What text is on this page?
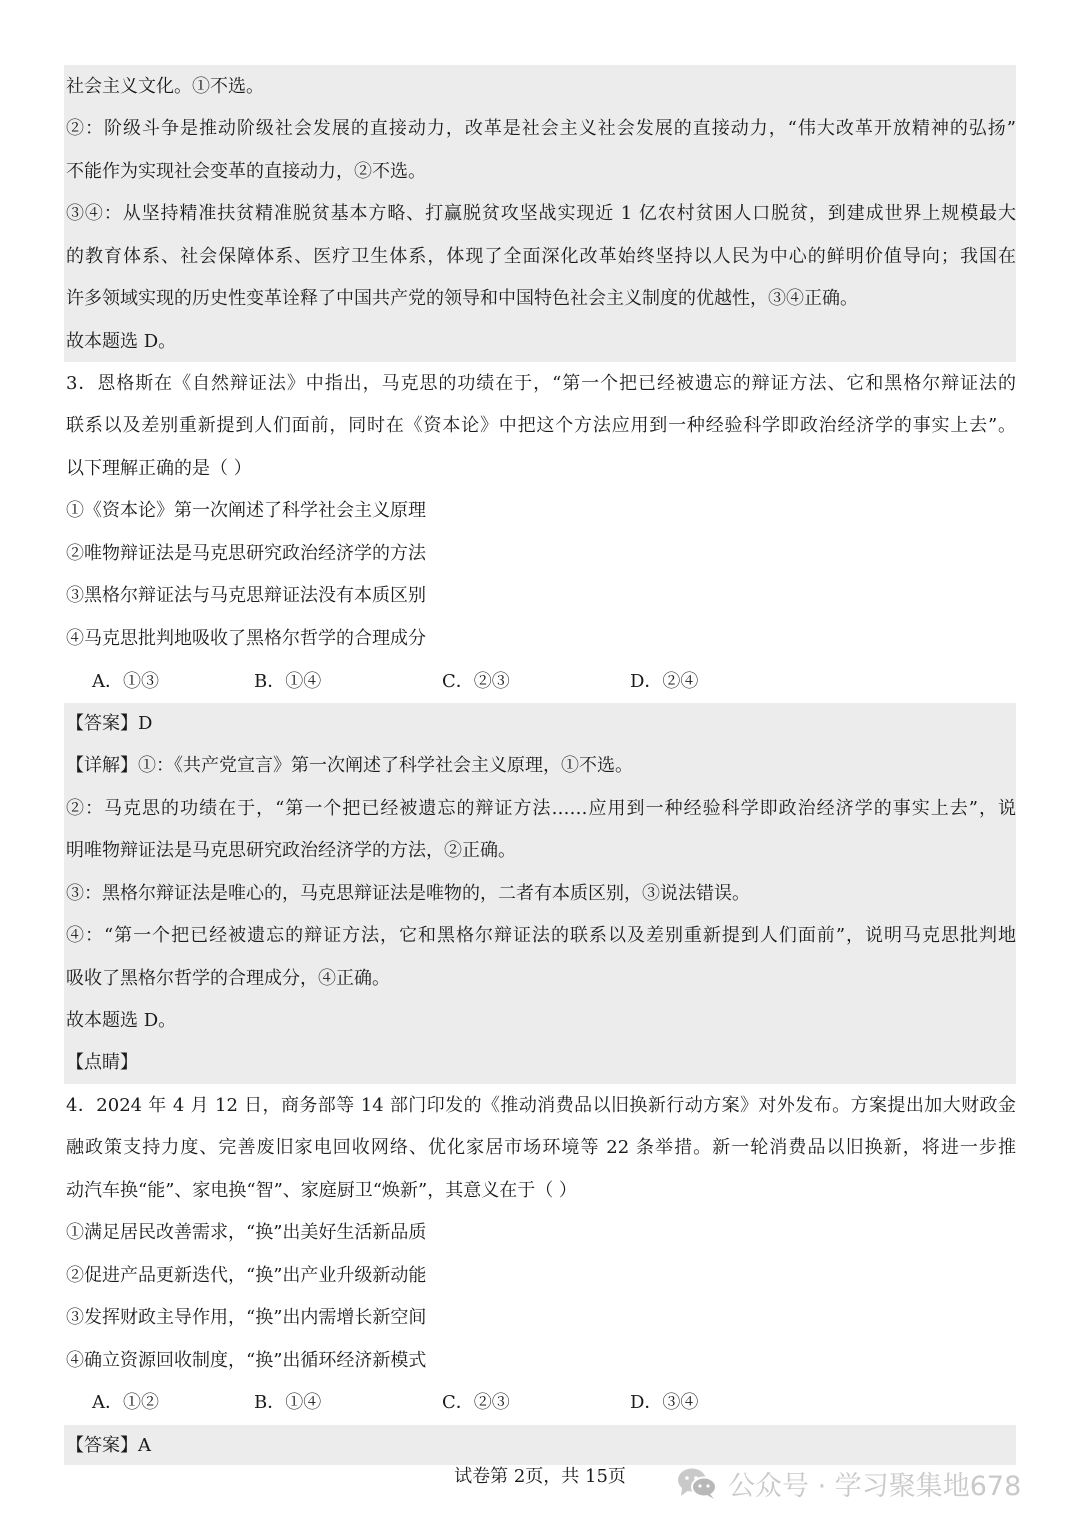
社会主义文化。①不选。
②：阶级斗争是推动阶级社会发展的直接动力，改革是社会主义社会发展的直接动力，“伟大改革开放精神的弘扬”
不能作为实现社会变革的直接动力，②不选。
③④：从坚持精准扶贫精准脱贫基本方略、打赢脱贫攻坚战实现近 1 亿农村贫困人口脱贫，到建成世界上规模最大
的教育体系、社会保障体系、医疗卫生体系，体现了全面深化改革始终坚持以人民为中心的鲜明价值导向；我国在
许多领域实现的历史性变革诠释了中国共产党的领导和中国特色社会主义制度的优越性，③④正确。
故本题选 D。
3．恩格斯在《自然辩证法》中指出，马克思的功绩在于，“第一个把已经被遗忘的辩证方法、它和黑格尔辩证法的
联系以及差别重新提到人们面前，同时在《资本论》中把这个方法应用到一种经验科学即政治经济学的事实上去”。
以下理解正确的是（ ）
①《资本论》第一次阐述了科学社会主义原理
②唯物辩证法是马克思研究政治经济学的方法
③黑格尔辩证法与马克思辩证法没有本质区别
④马克思批判地吸收了黑格尔哲学的合理成分
A．①③	B．①④	C．②③	D．②④
【答案】D
【详解】①：《共产党宣言》第一次阐述了科学社会主义原理，①不选。
②：马克思的功绩在于，“第一个把已经被遗忘的辩证方法……应用到一种经验科学即政治经济学的事实上去”，说
明唯物辩证法是马克思研究政治经济学的方法，②正确。
③：黑格尔辩证法是唯心的，马克思辩证法是唯物的，二者有本质区别，③说法错误。
④：“第一个把已经被遗忘的辩证方法，它和黑格尔辩证法的联系以及差别重新提到人们面前”，说明马克思批判地
吸收了黑格尔哲学的合理成分，④正确。
故本题选 D。
【点睛】
4．2024 年 4 月 12 日，商务部等 14 部门印发的《推动消费品以旧换新行动方案》对外发布。方案提出加大财政金
融政策支持力度、完善废旧家电回收网络、优化家居市场环境等 22 条举措。新一轮消费品以旧换新，将进一步推
动汽车换“能”、家电换“智”、家庭厨卫“焕新”，其意义在于（ ）
①满足居民改善需求，“换”出美好生活新品质
②促进产品更新迭代，“换”出产业升级新动能
③发挥财政主导作用，“换”出内需增长新空间
④确立资源回收制度，“换”出循环经济新模式
A．①②	B．①④	C．②③	D．③④
【答案】A
试卷第 2页，共 15页	公众号 · 学习聚集地678
